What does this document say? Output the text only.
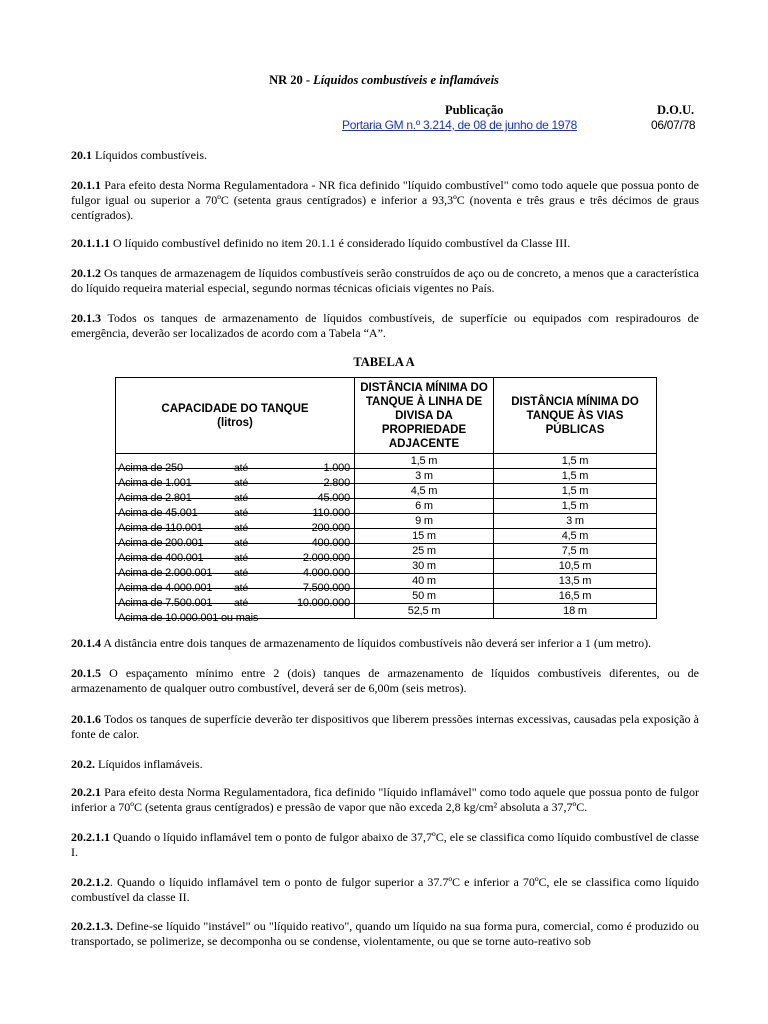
NR 20 - Líquidos combustíveis e inflamáveis
Publicação	D.O.U.
Portaria GM n.º 3.214, de 08 de junho de 1978	06/07/78
20.1 Líquidos combustíveis.
20.1.1 Para efeito desta Norma Regulamentadora - NR fica definido "líquido combustível" como todo aquele que possua ponto de fulgor igual ou superior a 70ºC (setenta graus centígrados) e inferior a 93,3ºC (noventa e três graus e três décimos de graus centígrados).
20.1.1.1 O líquido combustível definido no item 20.1.1 é considerado líquido combustível da Classe III.
20.1.2 Os tanques de armazenagem de líquidos combustíveis serão construídos de aço ou de concreto, a menos que a característica do líquido requeira material especial, segundo normas técnicas oficiais vigentes no País.
20.1.3 Todos os tanques de armazenamento de líquidos combustíveis, de superfície ou equipados com respiradouros de emergência, deverão ser localizados de acordo com a Tabela “A”.
TABELA A
CAPACIDADE DO TANQUE
(litros)	DISTÂNCIA MÍNIMA DO TANQUE À LINHA DE DIVISA DA PROPRIEDADE ADJACENTE	DISTÂNCIA MÍNIMA DO TANQUE ÀS VIAS PÚBLICAS

Acima de 250 até 1.000	1,5 m	1,5 m

Acima de 1.001 até 2.800	3 m	1,5 m

Acima de 2.801 até 45.000	4,5 m	1,5 m

Acima de 45.001 até 110.000	6 m	1,5 m

Acima de 110.001 até 200.000	9 m	3 m

Acima de 200.001 até 400.000	15 m	4,5 m

Acima de 400.001 até 2.000.000	25 m	7,5 m

Acima de 2.000.001 até 4.000.000	30 m	10,5 m

Acima de 4.000.001 até 7.500.000	40 m	13,5 m

Acima de 7.500.001 até 10.000.000	50 m	16,5 m

Acima de 10.000.001 ou mais	52,5 m	18 m
20.1.4 A distância entre dois tanques de armazenamento de líquidos combustíveis não deverá ser inferior a 1 (um metro).
20.1.5 O espaçamento mínimo entre 2 (dois) tanques de armazenamento de líquidos combustíveis diferentes, ou de armazenamento de qualquer outro combustível, deverá ser de 6,00m (seis metros).
20.1.6 Todos os tanques de superfície deverão ter dispositivos que liberem pressões internas excessivas, causadas pela exposição à fonte de calor.
20.2. Líquidos inflamáveis.
20.2.1 Para efeito desta Norma Regulamentadora, fica definido "líquido inflamável" como todo aquele que possua ponto de fulgor inferior a 70ºC (setenta graus centígrados) e pressão de vapor que não exceda 2,8 kg/cm² absoluta a 37,7ºC.
20.2.1.1 Quando o líquido inflamável tem o ponto de fulgor abaixo de 37,7ºC, ele se classifica como líquido combustível de classe I.
20.2.1.2. Quando o líquido inflamável tem o ponto de fulgor superior a 37.7ºC e inferior a 70ºC, ele se classifica como líquido combustível da classe II.
20.2.1.3. Define-se líquido "instável" ou "líquido reativo", quando um líquido na sua forma pura, comercial, como é produzido ou transportado, se polimerize, se decomponha ou se condense, violentamente, ou que se torne auto-reativo sob
